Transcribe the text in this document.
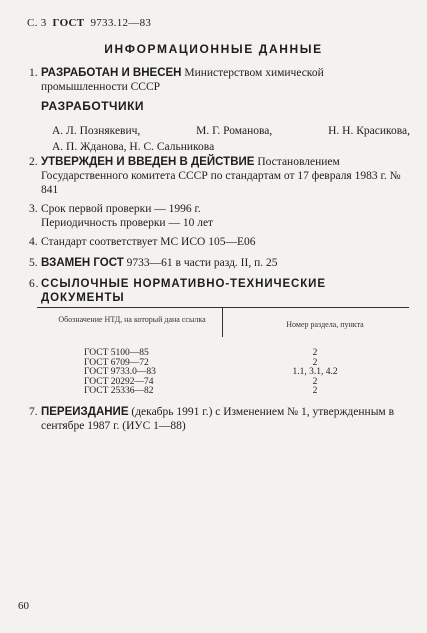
С. 3 ГОСТ 9733.12—83
ИНФОРМАЦИОННЫЕ ДАННЫЕ
1. РАЗРАБОТАН И ВНЕСЕН Министерством химической промышленности СССР
РАЗРАБОТЧИКИ
А. Л. Познякевич,	М. Г. Романова,	Н. Н. Красикова,
А. П. Жданова, Н. С. Сальникова
2. УТВЕРЖДЕН И ВВЕДЕН В ДЕЙСТВИЕ Постановлением Государственного комитета СССР по стандартам от 17 февраля 1983 г. № 841
3. Срок первой проверки — 1996 г.
Периодичность проверки — 10 лет
4. Стандарт соответствует МС ИСО 105—Е06
5. ВЗАМЕН ГОСТ 9733—61 в части разд. II, п. 25
6. ССЫЛОЧНЫЕ НОРМАТИВНО-ТЕХНИЧЕСКИЕ ДОКУМЕНТЫ
Обозначение НТД, на который дана ссылка
Номер раздела, пункта
ГОСТ 5100—85
ГОСТ 6709—72
ГОСТ 9733.0—83
ГОСТ 20292—74
ГОСТ 25336—82
2
2
1.1, 3.1, 4.2
2
2
7. ПЕРЕИЗДАНИЕ (декабрь 1991 г.) с Изменением № 1, утвержденным в сентябре 1987 г. (ИУС 1—88)
60
